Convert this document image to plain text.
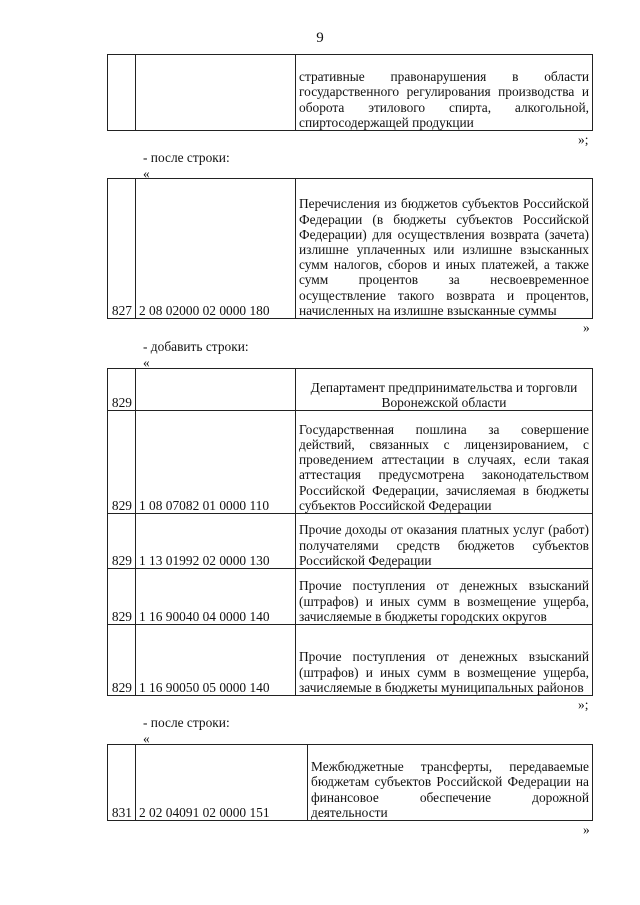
9
		стративные правонарушения в области государственного регулирования производства и оборота этилового спирта, алкогольной, спиртосодержащей продукции
»;
- после строки:
«
827	2 08 02000 02 0000 180	Перечисления из бюджетов субъектов Российской Федерации (в бюджеты субъектов Российской Федерации) для осуществления возврата (зачета) излишне уплаченных или излишне взысканных сумм налогов, сборов и иных платежей, а также сумм процентов за несвоевременное осуществление такого возврата и процентов, начисленных на излишне взысканные суммы
»
- добавить строки:
«
829		Департамент предпринимательства и торговли Воронежской области
829	1 08 07082 01 0000 110	Государственная пошлина за совершение действий, связанных с лицензированием, с проведением аттестации в случаях, если такая аттестация предусмотрена законодательством Российской Федерации, зачисляемая в бюджеты субъектов Российской Федерации
829	1 13 01992 02 0000 130	Прочие доходы от оказания платных услуг (работ) получателями средств бюджетов субъектов Российской Федерации
829	1 16 90040 04 0000 140	Прочие поступления от денежных взысканий (штрафов) и иных сумм в возмещение ущерба, зачисляемые в бюджеты городских округов
829	1 16 90050 05 0000 140	Прочие поступления от денежных взысканий (штрафов) и иных сумм в возмещение ущерба, зачисляемые в бюджеты муниципальных районов
»;
- после строки:
«
831	2 02 04091 02 0000 151	Межбюджетные трансферты, передаваемые бюджетам субъектов Российской Федерации на финансовое обеспечение дорожной деятельности
»
